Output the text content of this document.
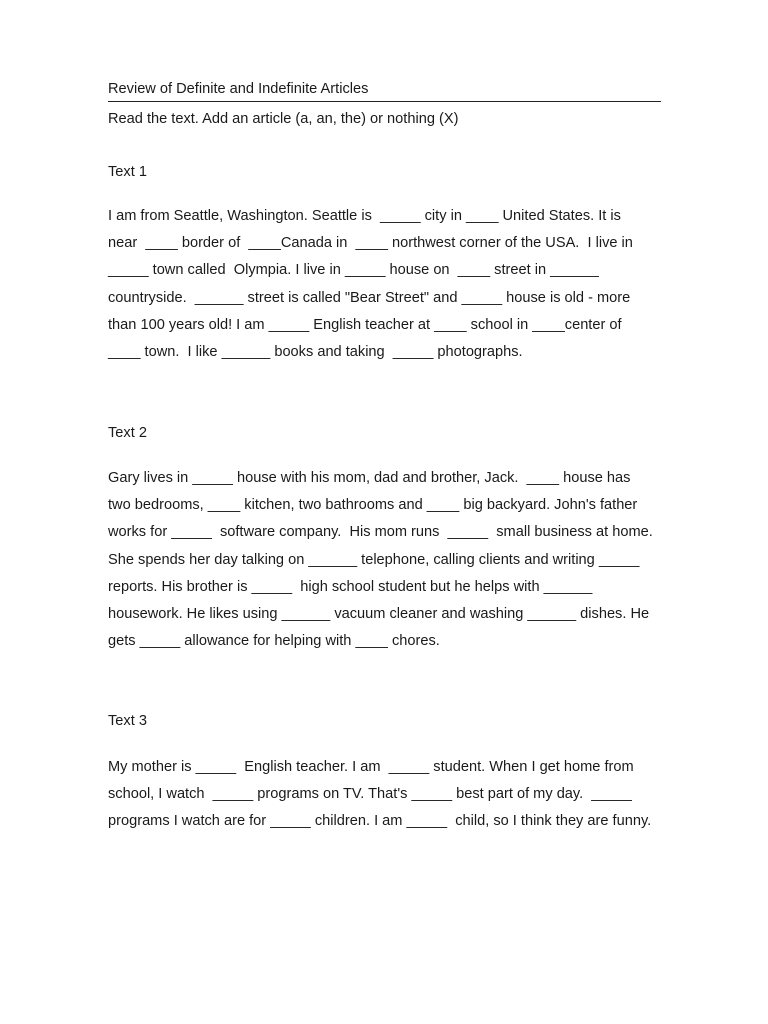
Review of Definite and Indefinite Articles
Read the text. Add an article (a, an, the) or nothing (X)
Text 1
I am from Seattle, Washington. Seattle is  _____ city in ____ United States. It is
near  ____ border of  ____Canada in  ____ northwest corner of the USA.  I live in
_____ town called  Olympia. I live in _____ house on  ____ street in ______
countryside.  ______ street is called "Bear Street" and _____ house is old - more
than 100 years old! I am _____ English teacher at ____ school in ____center of
____ town.  I like ______ books and taking  _____ photographs.
Text 2
Gary lives in _____ house with his mom, dad and brother, Jack.  ____ house has
two bedrooms, ____ kitchen, two bathrooms and ____ big backyard. John's father
works for _____  software company.  His mom runs  _____  small business at home.
She spends her day talking on ______ telephone, calling clients and writing _____
reports. His brother is _____  high school student but he helps with ______
housework. He likes using ______ vacuum cleaner and washing ______ dishes. He
gets _____ allowance for helping with ____ chores.
Text 3
My mother is _____  English teacher. I am  _____ student. When I get home from
school, I watch  _____ programs on TV. That's _____ best part of my day.  _____
programs I watch are for _____ children. I am _____  child, so I think they are funny.
